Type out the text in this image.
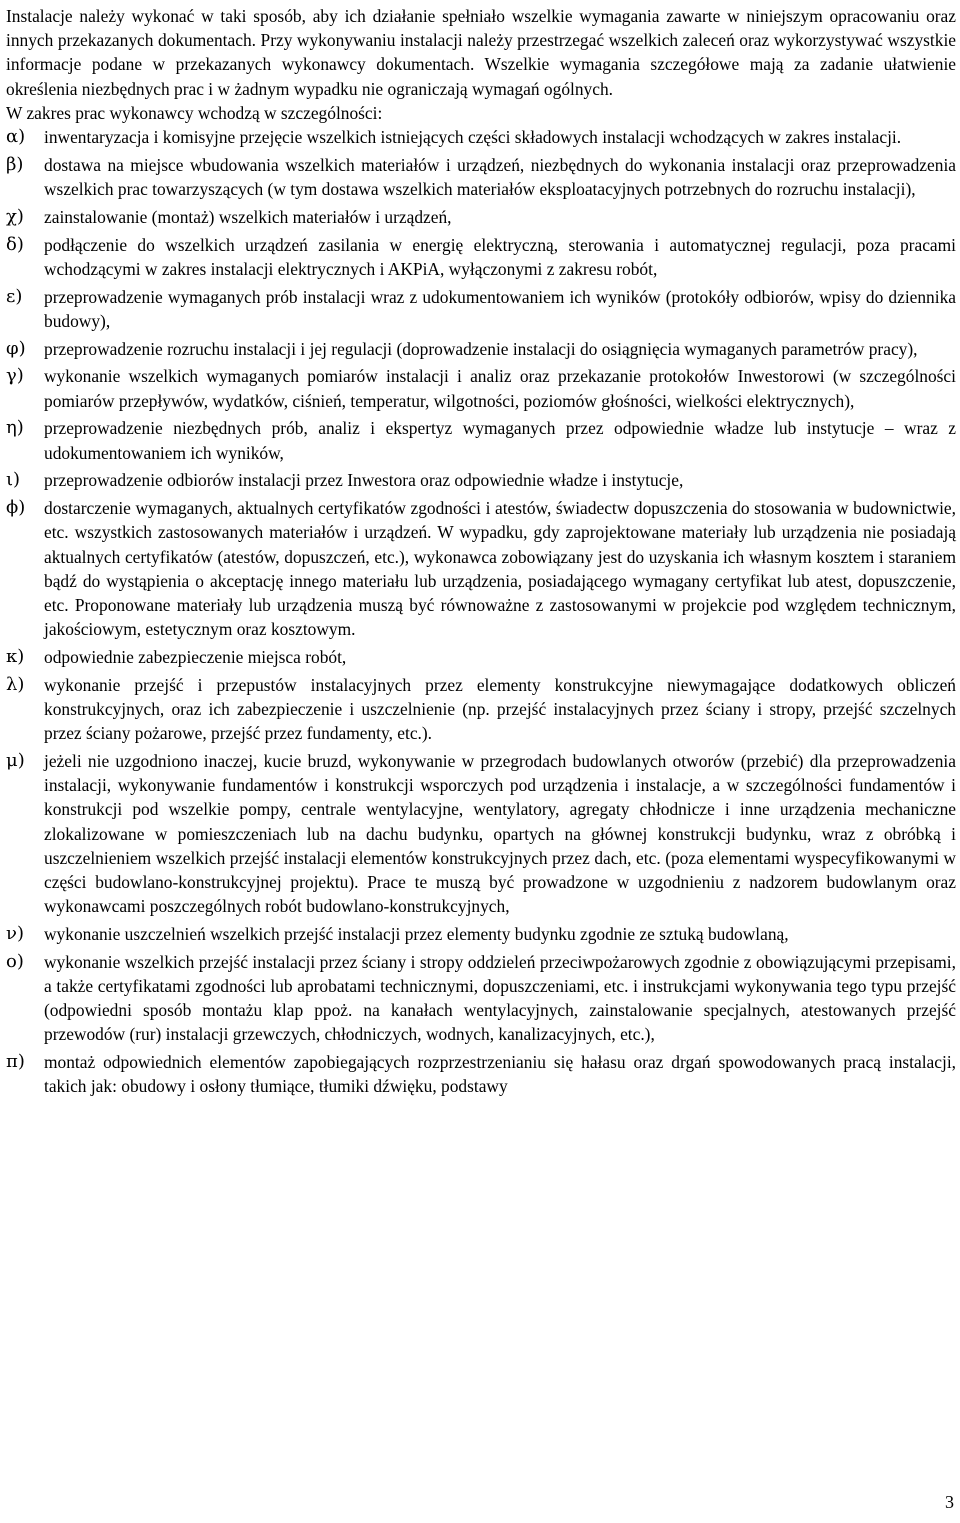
Instalacje należy wykonać w taki sposób, aby ich działanie spełniało wszelkie wymagania zawarte w niniejszym opracowaniu oraz innych przekazanych dokumentach. Przy wykonywaniu instalacji należy przestrzegać wszelkich zaleceń oraz wykorzystywać wszystkie informacje podane w przekazanych wykonawcy dokumentach. Wszelkie wymagania szczegółowe mają za zadanie ułatwienie określenia niezbędnych prac i w żadnym wypadku nie ograniczają wymagań ogólnych.

W zakres prac wykonawcy wchodzą w szczególności:

α)	inwentaryzacja i komisyjne przejęcie wszelkich istniejących części składowych instalacji wchodzących w zakres instalacji.
β)	dostawa na miejsce wbudowania wszelkich materiałów i urządzeń, niezbędnych do wykonania instalacji oraz przeprowadzenia wszelkich prac towarzyszących (w tym dostawa wszelkich materiałów eksploatacyjnych potrzebnych do rozruchu instalacji),
χ)	zainstalowanie (montaż) wszelkich materiałów i urządzeń,
δ)	podłączenie do wszelkich urządzeń zasilania w energię elektryczną, sterowania i automatycznej regulacji, poza pracami wchodzącymi w zakres instalacji elektrycznych i AKPiA, wyłączonymi z zakresu robót,
ε)	przeprowadzenie wymaganych prób instalacji wraz z udokumentowaniem ich wyników (protokóły odbiorów, wpisy do dziennika budowy),
φ)	przeprowadzenie rozruchu instalacji i jej regulacji (doprowadzenie instalacji do osiągnięcia wymaganych parametrów pracy),
γ)	wykonanie wszelkich wymaganych pomiarów instalacji i analiz oraz przekazanie protokołów Inwestorowi (w szczególności pomiarów przepływów, wydatków, ciśnień, temperatur, wilgotności, poziomów głośności, wielkości elektrycznych),
η)	przeprowadzenie niezbędnych prób, analiz i ekspertyz wymaganych przez odpowiednie władze lub instytucje – wraz z udokumentowaniem ich wyników,
ι)	przeprowadzenie odbiorów instalacji przez Inwestora oraz odpowiednie władze i instytucje,
ϕ)	dostarczenie wymaganych, aktualnych certyfikatów zgodności i atestów, świadectw dopuszczenia do stosowania w budownictwie, etc. wszystkich zastosowanych materiałów i urządzeń. W wypadku, gdy zaprojektowane materiały lub urządzenia nie posiadają aktualnych certyfikatów (atestów, dopuszczeń, etc.), wykonawca zobowiązany jest do uzyskania ich własnym kosztem i staraniem bądź do wystąpienia o akceptację innego materiału lub urządzenia, posiadającego wymagany certyfikat lub atest, dopuszczenie, etc. Proponowane materiały lub urządzenia muszą być równoważne z zastosowanymi w projekcie pod względem technicznym, jakościowym, estetycznym oraz kosztowym.
κ)	odpowiednie zabezpieczenie miejsca robót,
λ)	wykonanie przejść i przepustów instalacyjnych przez elementy konstrukcyjne niewymagające dodatkowych obliczeń konstrukcyjnych, oraz ich zabezpieczenie i uszczelnienie (np. przejść instalacyjnych przez ściany i stropy, przejść szczelnych przez ściany pożarowe, przejść przez fundamenty, etc.).
μ)	jeżeli nie uzgodniono inaczej, kucie bruzd, wykonywanie w przegrodach budowlanych otworów (przebić) dla przeprowadzenia instalacji, wykonywanie fundamentów i konstrukcji wsporczych pod urządzenia i instalacje, a w szczególności fundamentów i konstrukcji pod wszelkie pompy, centrale wentylacyjne, wentylatory, agregaty chłodnicze i inne urządzenia mechaniczne zlokalizowane w pomieszczeniach lub na dachu budynku, opartych na głównej konstrukcji budynku, wraz z obróbką i uszczelnieniem wszelkich przejść instalacji elementów konstrukcyjnych przez dach, etc. (poza elementami wyspecyfikowanymi w części budowlano-konstrukcyjnej projektu). Prace te muszą być prowadzone w uzgodnieniu z nadzorem budowlanym oraz wykonawcami poszczególnych robót budowlano-konstrukcyjnych,
ν)	wykonanie uszczelnień wszelkich przejść instalacji przez elementy budynku zgodnie ze sztuką budowlaną,
ο)	wykonanie wszelkich przejść instalacji przez ściany i stropy oddzieleń przeciwpożarowych zgodnie z obowiązującymi przepisami, a także certyfikatami zgodności lub aprobatami technicznymi, dopuszczeniami, etc. i instrukcjami wykonywania tego typu przejść (odpowiedni sposób montażu klap ppoż. na kanałach wentylacyjnych, zainstalowanie specjalnych, atestowanych przejść przewodów (rur) instalacji grzewczych, chłodniczych, wodnych, kanalizacyjnych, etc.),
π)	montaż odpowiednich elementów zapobiegających rozprzestrzenianiu się hałasu oraz drgań spowodowanych pracą instalacji, takich jak: obudowy i osłony tłumiące, tłumiki dźwięku, podstawy
3
